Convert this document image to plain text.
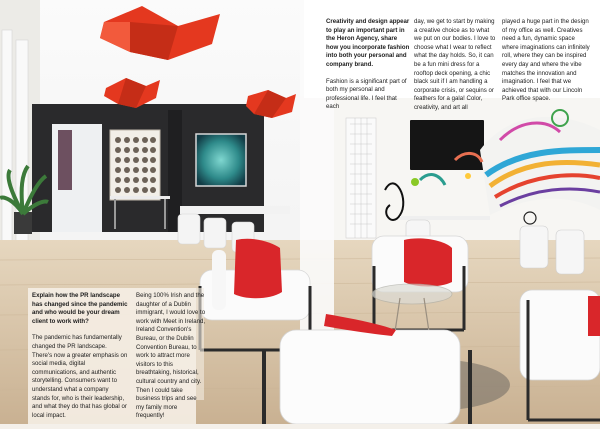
Creativity and design appear to play an important part in the Heron Agency, share how you incorporate fashion into both your personal and company brand.

Fashion is a significant part of both my personal and professional life. I feel that each

day, we get to start by making a creative choice as to what we put on our bodies. I love to choose what I wear to reflect what the day holds. So, it can be a fun mini dress for a rooftop deck opening, a chic black suit if I am handling a corporate crisis, or sequins or feathers for a gala! Color, creativity, and art all

played a huge part in the design of my office as well. Creatives need a fun, dynamic space where imaginations can infinitely roll, where they can be inspired every day and where the vibe matches the innovation and imagination. I feel that we achieved that with our Lincoln Park office space.

Explain how the PR landscape has changed since the pandemic and who would be your dream client to work with?

The pandemic has fundamentally changed the PR landscape. There's now a greater emphasis on social media, digital communications, and authentic storytelling. Consumers want to understand what a company stands for, who is their leadership, and what they do that has global or local impact.

Being 100% Irish and the daughter of a Dublin immigrant, I would love to work with Meet in Ireland, Ireland Convention's Bureau, or the Dublin Convention Bureau, to work to attract more visitors to this breathtaking, historical, cultural country and city. Then I could take business trips and see my family more frequently!
